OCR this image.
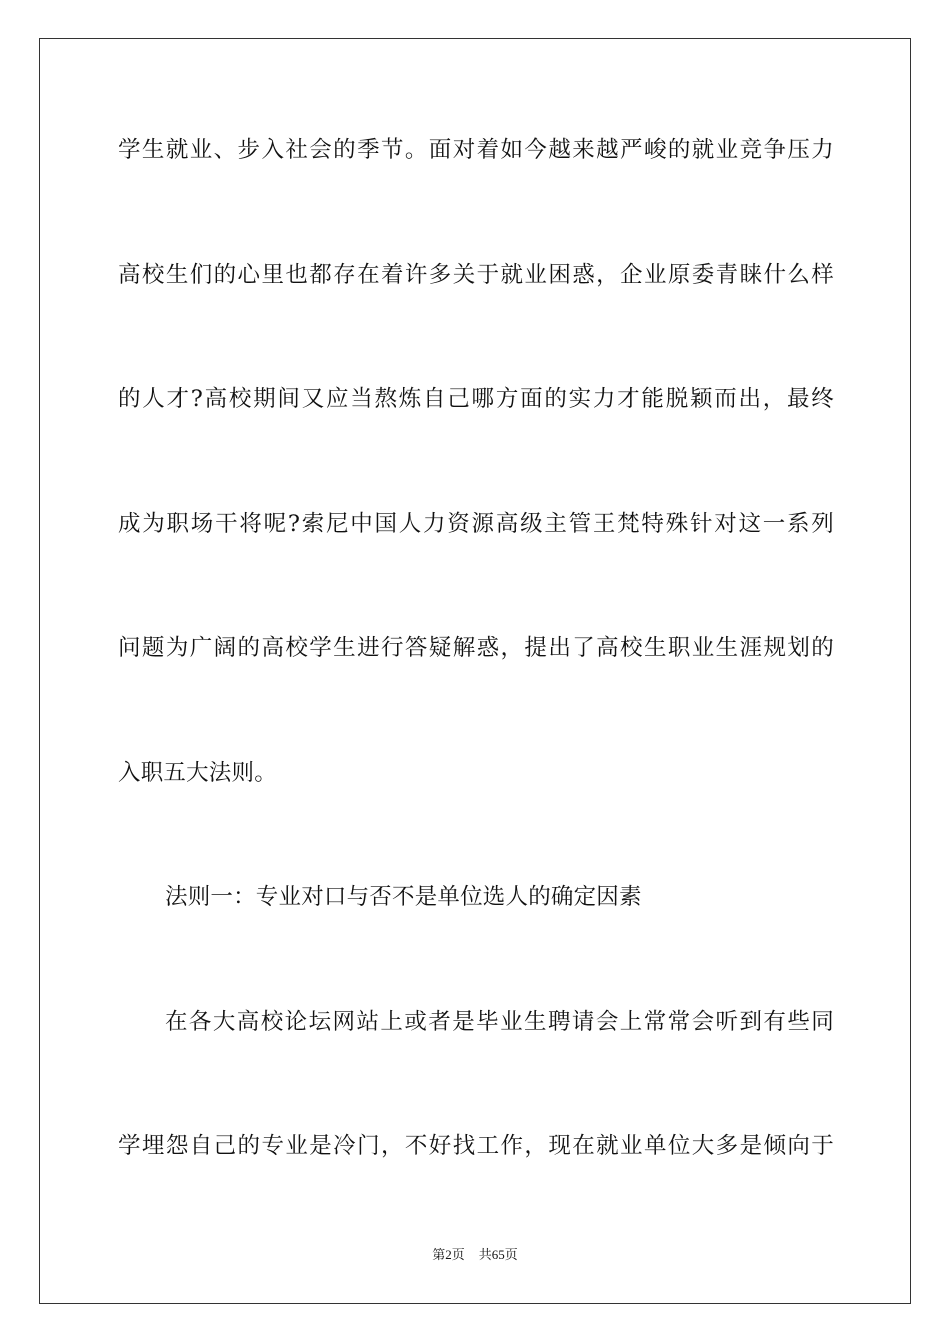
学生就业、步入社会的季节。面对着如今越来越严峻的就业竞争压力
高校生们的心里也都存在着许多关于就业困惑，企业原委青睐什么样
的人才?高校期间又应当熬炼自己哪方面的实力才能脱颖而出，最终
成为职场干将呢?索尼中国人力资源高级主管王梵特殊针对这一系列
问题为广阔的高校学生进行答疑解惑，提出了高校生职业生涯规划的
入职五大法则。
法则一：专业对口与否不是单位选人的确定因素
在各大高校论坛网站上或者是毕业生聘请会上常常会听到有些同
学埋怨自己的专业是冷门，不好找工作，现在就业单位大多是倾向于
第2页 共65页
